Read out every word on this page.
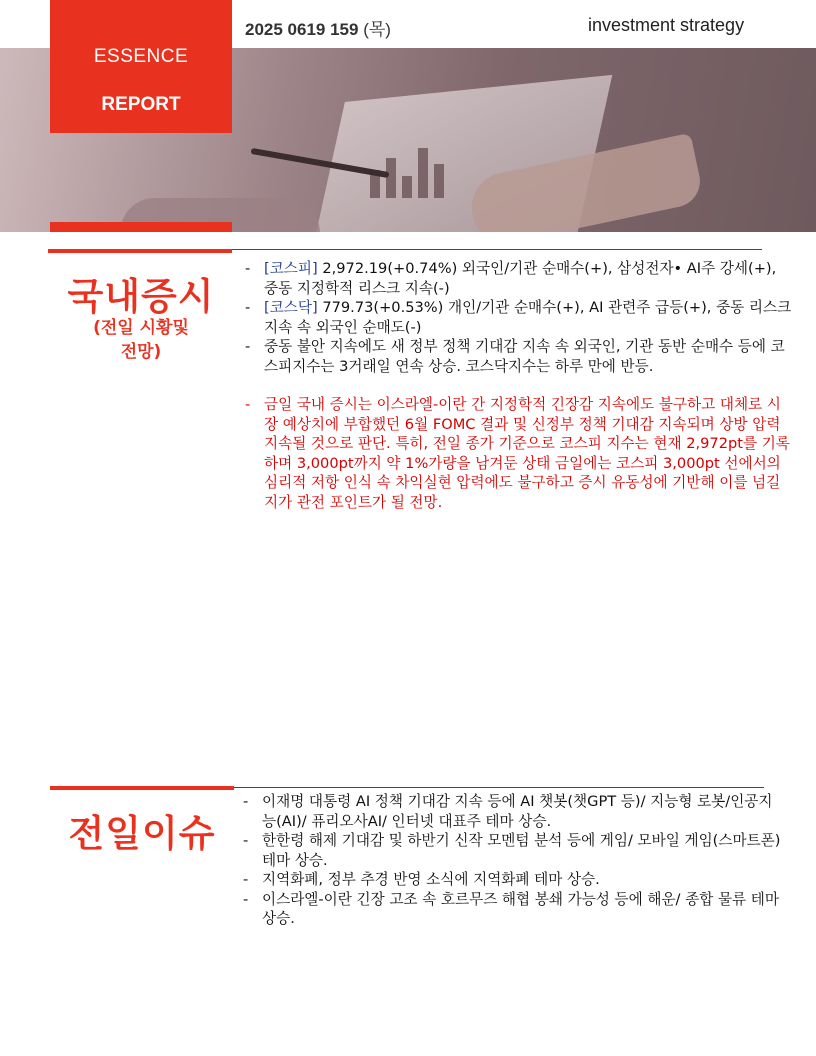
ESSENCE
REPORT
2025 0619 159 (목)	investment strategy
국내증시
(전일 시황및
전망)
- [코스피] 2,972.19(+0.74%) 외국인/기관 순매수(+), 삼성전자• AI주 강세(+), 중동 지정학적 리스크 지속(-)
- [코스닥] 779.73(+0.53%) 개인/기관 순매수(+), AI 관련주 급등(+), 중동 리스크 지속 속 외국인 순매도(-)
- 중동 불안 지속에도 새 정부 정책 기대감 지속 속 외국인, 기관 동반 순매수 등에 코스피지수는 3거래일 연속 상승. 코스닥지수는 하루 만에 반등.
- 금일 국내 증시는 이스라엘-이란 간 지정학적 긴장감 지속에도 불구하고 대체로 시장 예상치에 부합했던 6월 FOMC 결과 및 신정부 정책 기대감 지속되며 상방 압력 지속될 것으로 판단. 특히, 전일 종가 기준으로 코스피 지수는 현재 2,972pt를 기록하며 3,000pt까지 약 1%가량을 남겨둔 상태 금일에는 코스피 3,000pt 선에서의 심리적 저항 인식 속 차익실현 압력에도 불구하고 증시 유동성에 기반해 이를 넘길지가 관전 포인트가 될 전망.
전일이슈
- 이재명 대통령 AI 정책 기대감 지속 등에 AI 챗봇(챗GPT 등)/ 지능형 로봇/인공지능(AI)/ 퓨리오사AI/ 인터넷 대표주 테마 상승.
- 한한령 해제 기대감 및 하반기 신작 모멘텀 분석 등에 게임/ 모바일 게임(스마트폰) 테마 상승.
- 지역화폐, 정부 추경 반영 소식에 지역화폐 테마 상승.
- 이스라엘-이란 긴장 고조 속 호르무즈 해협 봉쇄 가능성 등에 해운/ 종합 물류 테마 상승.
